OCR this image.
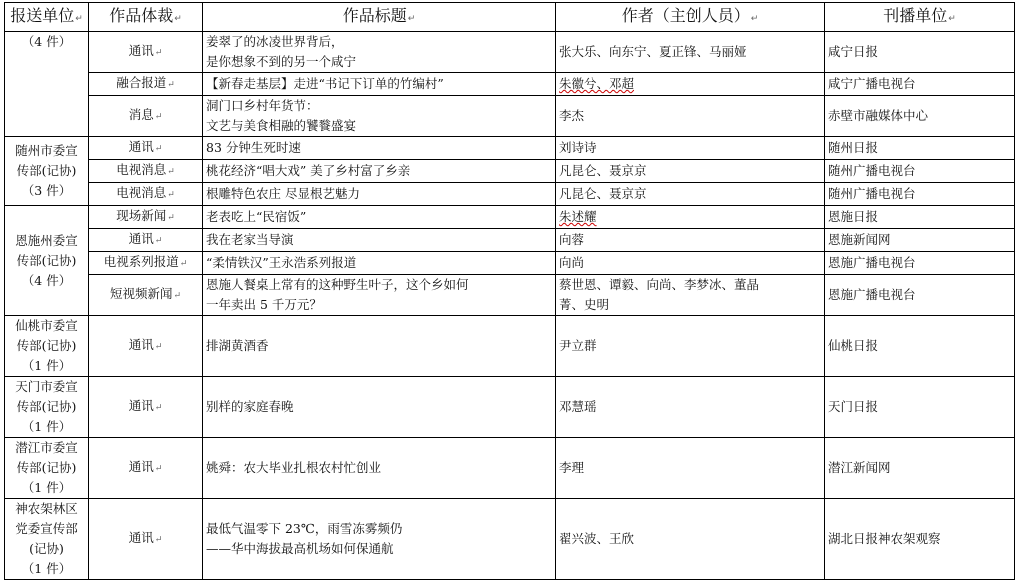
报送单位↵	作品体裁↵	作品标题↵	作者（主创人员）↵	刊播单位↵

（4 件）	通讯↵	姜翠了的冰凌世界背后，
是你想象不到的另一个咸宁	张大乐、向东宁、夏正锋、马丽娅	咸宁日报
	融合报道↵	【新春走基层】走进“书记下订单的竹编村”	朱徽兮、邓超	咸宁广播电视台
	消息↵	洞门口乡村年货节：
文艺与美食相融的饕餮盛宴	李杰	赤壁市融媒体中心

随州市委宣
传部(记协)
（3 件）	通讯↵	83 分钟生死时速	刘诗诗	随州日报
	电视消息↵	桃花经济“唱大戏” 美了乡村富了乡亲	凡昆仑、聂京京	随州广播电视台
	电视消息↵	根雕特色农庄 尽显根艺魅力	凡昆仑、聂京京	随州广播电视台

恩施州委宣
传部(记协)
（4 件）	现场新闻↵	老表吃上“民宿饭”	朱述耀	恩施日报
	通讯↵	我在老家当导演	向蓉	恩施新闻网
	电视系列报道↵	“柔情铁汉”王永浩系列报道	向尚	恩施广播电视台
	短视频新闻↵	恩施人餐桌上常有的这种野生叶子，这个乡如何
一年卖出 5 千万元？	蔡世恩、谭毅、向尚、李梦冰、董晶
菁、史明	恩施广播电视台

仙桃市委宣
传部(记协)
（1 件）	通讯↵	排湖黄酒香	尹立群	仙桃日报

天门市委宣
传部(记协)
（1 件）	通讯↵	别样的家庭春晚	邓慧瑶	天门日报

潜江市委宣
传部(记协)
（1 件）	通讯↵	姚舜：农大毕业扎根农村忙创业	李理	潜江新闻网

神农架林区
党委宣传部
(记协)
（1 件）	通讯↵	最低气温零下 23℃，雨雪冻雾频仍
——华中海拔最高机场如何保通航	翟兴波、王欣	湖北日报神农架观察
